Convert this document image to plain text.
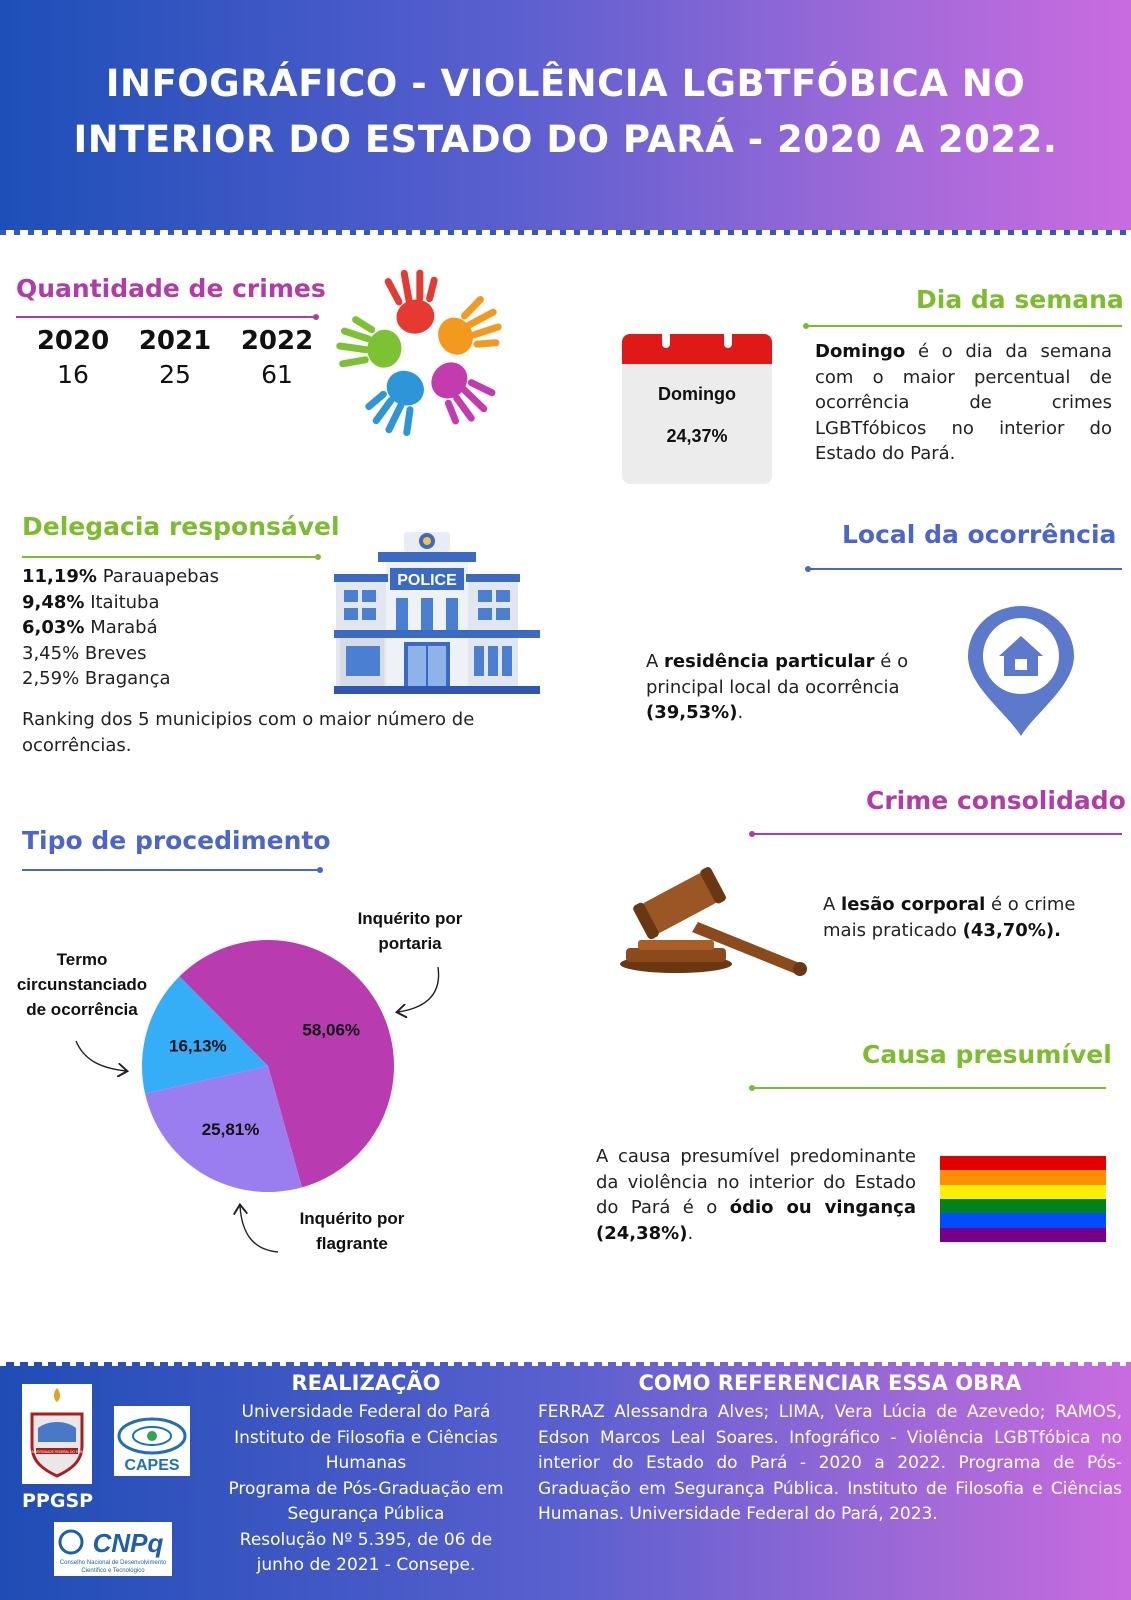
INFOGRÁFICO - VIOLÊNCIA LGBTFÓBICA NO
INTERIOR DO ESTADO DO PARÁ - 2020 A 2022.
Quantidade de crimes
2020
16
2021
25
2022
61
Delegacia responsável
11,19% Parauapebas
9,48% Itaituba
6,03% Marabá
3,45% Breves
2,59% Bragança
Ranking dos 5 municipios com o maior número de ocorrências.
POLICE
Tipo de procedimento
58,06%
25,81%
16,13%
Inquérito por
portaria
Termo
circunstanciado
de ocorrência
Inquérito por
flagrante
Dia da semana
Domingo
24,37%
Domingo é o dia da semana com o maior percentual de ocorrência de crimes LGBTfóbicos no interior do Estado do Pará.
Local da ocorrência
A residência particular é o principal local da ocorrência (39,53%).
Crime consolidado
A lesão corporal é o crime mais praticado (43,70%).
Causa presumível
A causa presumível predominante da violência no interior do Estado do Pará é o ódio ou vingança (24,38%).
UNIVERSIDADE FEDERAL DO PARÁ
PPGSP
CAPES
CNPq
Conselho Nacional de Desenvolvimento
Científico e Tecnológico
REALIZAÇÃO
Universidade Federal do Pará
Instituto de Filosofia e Ciências
Humanas
Programa de Pós-Graduação em
Segurança Pública
Resolução Nº 5.395, de 06 de
junho de 2021 - Consepe.
COMO REFERENCIAR ESSA OBRA
FERRAZ Alessandra Alves; LIMA, Vera Lúcia de Azevedo; RAMOS, Edson Marcos Leal Soares. Infográfico - Violência LGBTfóbica no interior do Estado do Pará - 2020 a 2022. Programa de Pós-Graduação em Segurança Pública. Instituto de Filosofia e Ciências Humanas. Universidade Federal do Pará, 2023.
